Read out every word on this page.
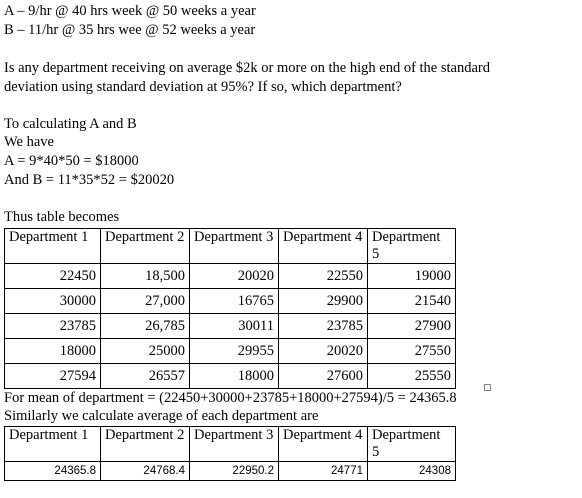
A – 9/hr @ 40 hrs week @ 50 weeks a year
B – 11/hr @ 35 hrs wee @ 52 weeks a year
Is any department receiving on average $2k or more on the high end of the standard
deviation using standard deviation at 95%? If so, which department?
To calculating A and B
We have
A = 9*40*50 = $18000
And B = 11*35*52 = $20020
Thus table becomes
Department 1	Department 2	Department 3	Department 4	Department 5
22450	18,500	20020	22550	19000
30000	27,000	16765	29900	21540
23785	26,785	30011	23785	27900
18000	25000	29955	20020	27550
27594	26557	18000	27600	25550
For mean of department = (22450+30000+23785+18000+27594)/5 = 24365.8
Similarly we calculate average of each department are
Department 1	Department 2	Department 3	Department 4	Department 5
24365.8	24768.4	22950.2	24771	24308
